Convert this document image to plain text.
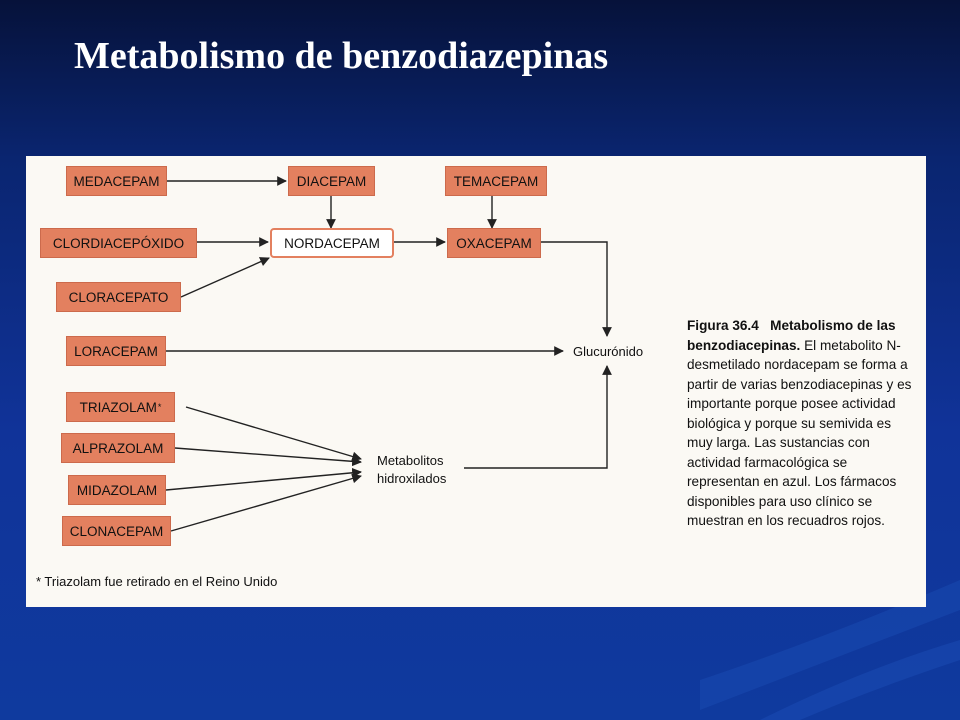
Metabolismo de benzodiazepinas
MEDACEPAM	DIACEPAM	TEMACEPAM
CLORDIACEPÓXIDO	NORDACEPAM	OXACEPAM
CLORACEPATO
LORACEPAM
TRIAZOLAM *
ALPRAZOLAM
MIDAZOLAM
CLONACEPAM
Glucurónido
Metabolitos
hidroxilados
Figura 36.4 Metabolismo de las benzodiacepinas. El metabolito N-desmetilado nordacepam se forma a partir de varias benzodiacepinas y es importante porque posee actividad biológica y porque su semivida es muy larga. Las sustancias con actividad farmacológica se representan en azul. Los fármacos disponibles para uso clínico se muestran en los recuadros rojos.
* Triazolam fue retirado en el Reino Unido
